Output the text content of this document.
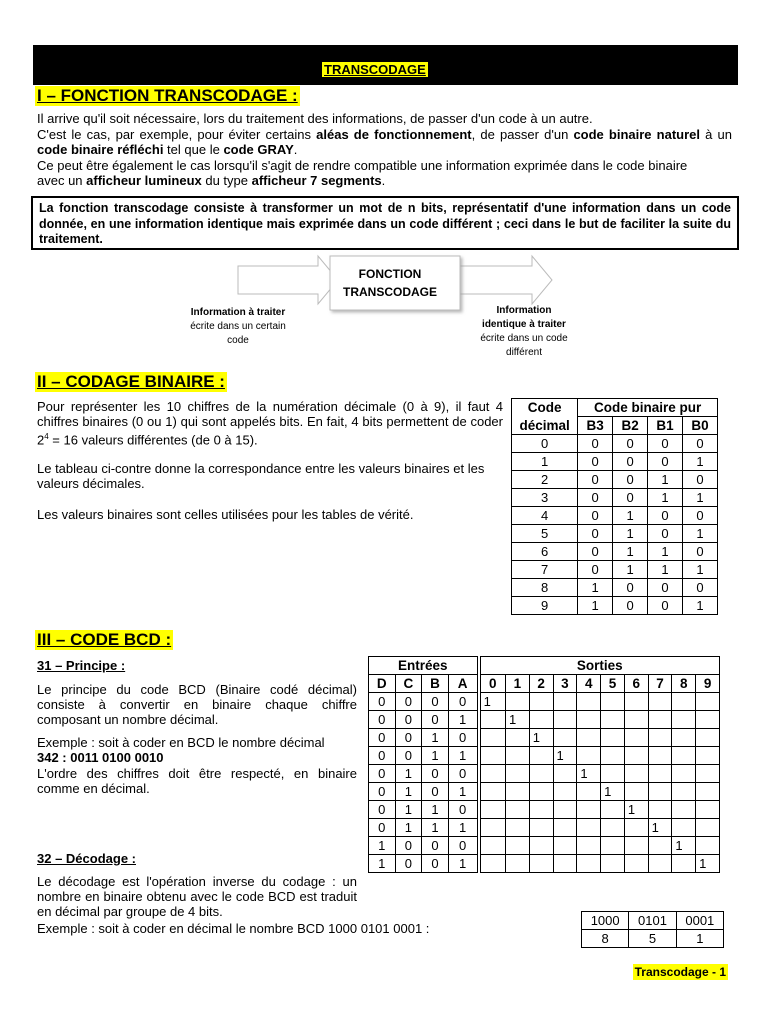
TRANSCODAGE
I – FONCTION TRANSCODAGE :
Il arrive qu'il soit nécessaire, lors du traitement des informations, de passer d'un code à un autre.
C'est le cas, par exemple, pour éviter certains aléas de fonctionnement, de passer d'un code binaire naturel à un code binaire réfléchi tel que le code GRAY.
Ce peut être également le cas lorsqu'il s'agit de rendre compatible une information exprimée dans le code binaire avec un afficheur lumineux du type afficheur 7 segments.
La fonction transcodage consiste à transformer un mot de n bits, représentatif d'une information dans un code donnée, en une information identique mais exprimée dans un code différent ; ceci dans le but de faciliter la suite du traitement.
FONCTION
TRANSCODAGE
Information à traiter
écrite dans un certain
code
Information
identique à traiter
écrite dans un code
différent
II – CODAGE BINAIRE :
Pour représenter les 10 chiffres de la numération décimale (0 à 9), il faut 4 chiffres binaires (0 ou 1) qui sont appelés bits. En fait, 4 bits permettent de coder $2^4 = 16$ valeurs différentes (de 0 à 15).
Le tableau ci-contre donne la correspondance entre les valeurs binaires et les valeurs décimales.
Les valeurs binaires sont celles utilisées pour les tables de vérité.
Code	Code binaire pur			
décimal	B3	B2	B1	B0
0	0	0	0	0
1	0	0	0	1
2	0	0	1	0
3	0	0	1	1
4	0	1	0	0
5	0	1	0	1
6	0	1	1	0
7	0	1	1	1
8	1	0	0	0
9	1	0	0	1
III – CODE BCD :
31 – Principe :
Le principe du code BCD (Binaire codé décimal) consiste à convertir en binaire chaque chiffre composant un nombre décimal.
Exemple : soit à coder en BCD le nombre décimal
342 : 0011 0100 0010
L'ordre des chiffres doit être respecté, en binaire comme en décimal.
32 – Décodage :
Le décodage est l'opération inverse du codage : un nombre en binaire obtenu avec le code BCD est traduit en décimal par groupe de 4 bits.
Exemple : soit à coder en décimal le nombre BCD 1000 0101 0001 :
Entrées				Sorties									
D	C	B	A	0	1	2	3	4	5	6	7	8	9
0	0	0	0	1									
0	0	0	1		1								
0	0	1	0			1							
0	0	1	1				1						
0	1	0	0					1					
0	1	0	1						1				
0	1	1	0							1			
0	1	1	1								1		
1	0	0	0									1	
1	0	0	1										1
1000	0101	0001
8	5	1
Transcodage - 1
